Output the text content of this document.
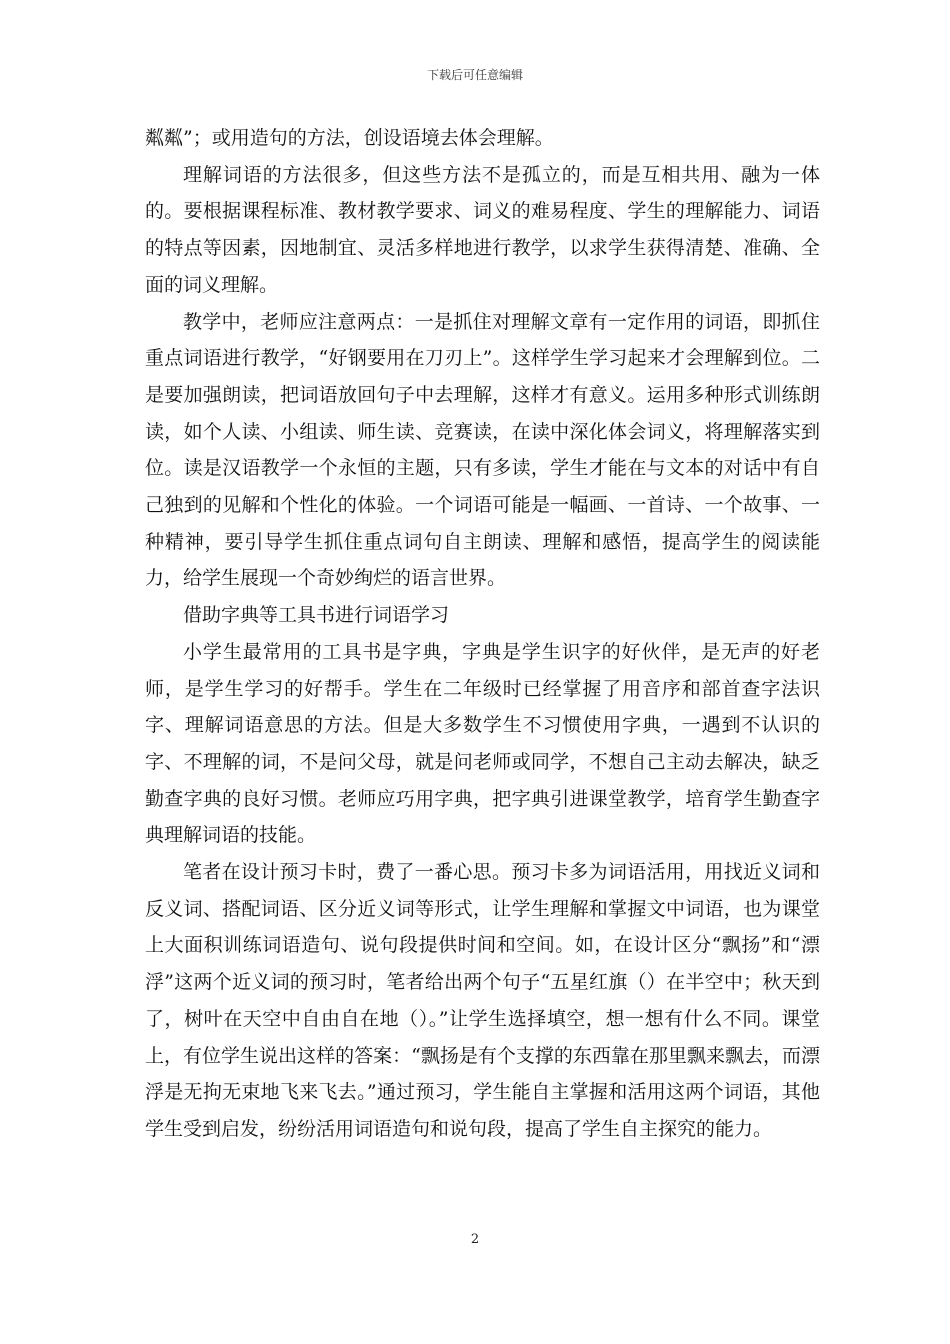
下载后可任意编辑

粼粼”；或用造句的方法，创设语境去体会理解。

理解词语的方法很多，但这些方法不是孤立的，而是互相共用、融为一体的。要根据课程标准、教材教学要求、词义的难易程度、学生的理解能力、词语的特点等因素，因地制宜、灵活多样地进行教学，以求学生获得清楚、准确、全面的词义理解。

教学中，老师应注意两点：一是抓住对理解文章有一定作用的词语，即抓住重点词语进行教学，“好钢要用在刀刃上”。这样学生学习起来才会理解到位。二是要加强朗读，把词语放回句子中去理解，这样才有意义。运用多种形式训练朗读，如个人读、小组读、师生读、竞赛读，在读中深化体会词义，将理解落实到位。读是汉语教学一个永恒的主题，只有多读，学生才能在与文本的对话中有自己独到的见解和个性化的体验。一个词语可能是一幅画、一首诗、一个故事、一种精神，要引导学生抓住重点词句自主朗读、理解和感悟，提高学生的阅读能力，给学生展现一个奇妙绚烂的语言世界。

借助字典等工具书进行词语学习

小学生最常用的工具书是字典，字典是学生识字的好伙伴，是无声的好老师，是学生学习的好帮手。学生在二年级时已经掌握了用音序和部首查字法识字、理解词语意思的方法。但是大多数学生不习惯使用字典，一遇到不认识的字、不理解的词，不是问父母，就是问老师或同学，不想自己主动去解决，缺乏勤查字典的良好习惯。老师应巧用字典，把字典引进课堂教学，培育学生勤查字典理解词语的技能。

笔者在设计预习卡时，费了一番心思。预习卡多为词语活用，用找近义词和反义词、搭配词语、区分近义词等形式，让学生理解和掌握文中词语，也为课堂上大面积训练词语造句、说句段提供时间和空间。如，在设计区分“飘扬”和“漂浮”这两个近义词的预习时，笔者给出两个句子“五星红旗（）在半空中；秋天到了，树叶在天空中自由自在地（）。”让学生选择填空，想一想有什么不同。课堂上，有位学生说出这样的答案：“飘扬是有个支撑的东西靠在那里飘来飘去，而漂浮是无拘无束地飞来飞去。”通过预习，学生能自主掌握和活用这两个词语，其他学生受到启发，纷纷活用词语造句和说句段，提高了学生自主探究的能力。

2
